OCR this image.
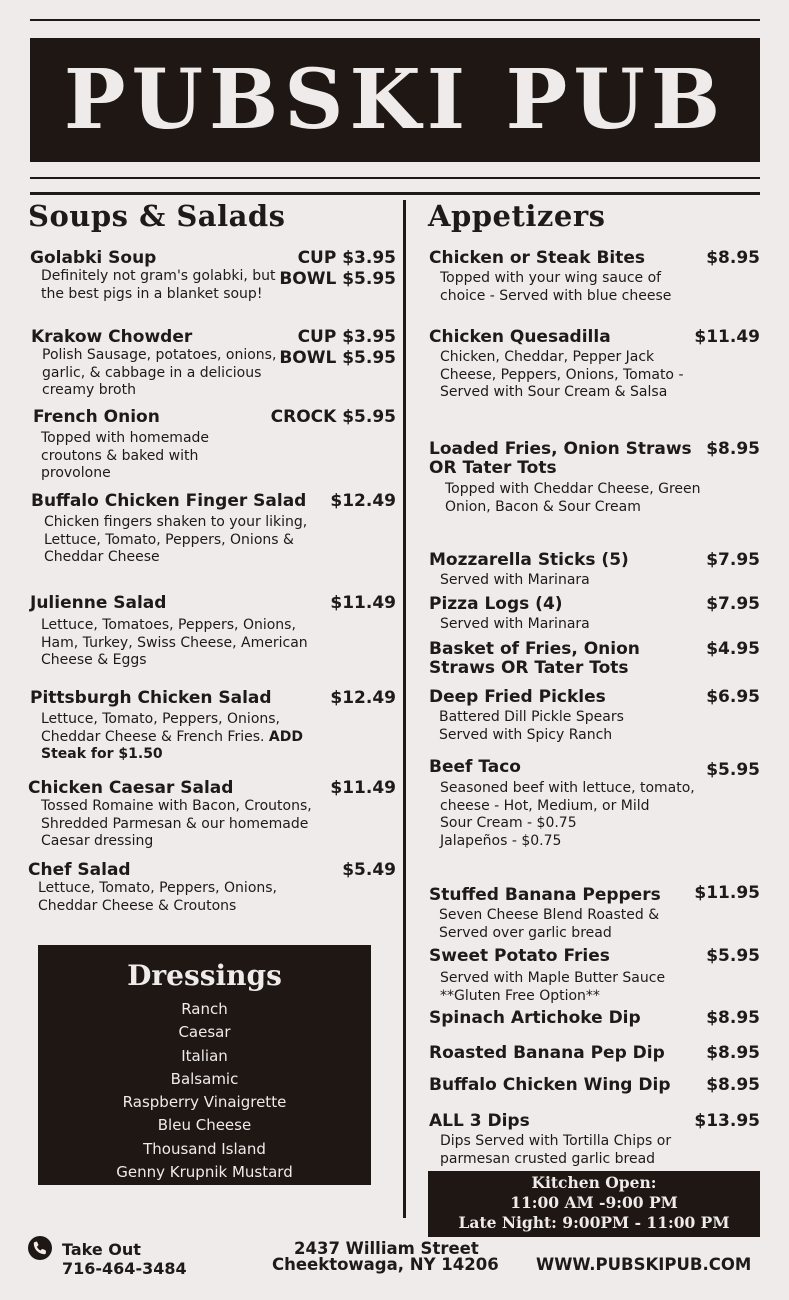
PUBSKI PUB
Soups & Salads
Golabki Soup	CUP $3.95
Definitely not gram's golabki, but the best pigs in a blanket soup!
BOWL $5.95
Krakow Chowder	CUP $3.95
Polish Sausage, potatoes, onions, garlic, & cabbage in a delicious creamy broth
BOWL $5.95
French Onion	CROCK $5.95
Topped with homemade croutons & baked with provolone
Buffalo Chicken Finger Salad $12.49
Chicken fingers shaken to your liking, Lettuce, Tomato, Peppers, Onions & Cheddar Cheese
Julienne Salad	$11.49
Lettuce, Tomatoes, Peppers, Onions, Ham, Turkey, Swiss Cheese, American Cheese & Eggs
Pittsburgh Chicken Salad	$12.49
Lettuce, Tomato, Peppers, Onions, Cheddar Cheese & French Fries. ADD Steak for $1.50
Chicken Caesar Salad	$11.49
Tossed Romaine with Bacon, Croutons, Shredded Parmesan & our homemade Caesar dressing
Chef Salad	$5.49
Lettuce, Tomato, Peppers, Onions, Cheddar Cheese & Croutons
Dressings
Ranch
Caesar
Italian
Balsamic
Raspberry Vinaigrette
Bleu Cheese
Thousand Island
Genny Krupnik Mustard
Appetizers
Chicken or Steak Bites	$8.95
Topped with your wing sauce of choice - Served with blue cheese
Chicken Quesadilla	$11.49
Chicken, Cheddar, Pepper Jack Cheese, Peppers, Onions, Tomato - Served with Sour Cream & Salsa
Loaded Fries, Onion Straws OR Tater Tots
$8.95
Topped with Cheddar Cheese, Green Onion, Bacon & Sour Cream
Mozzarella Sticks (5)	$7.95
Served with Marinara
Pizza Logs (4)	$7.95
Served with Marinara
Basket of Fries, Onion Straws OR Tater Tots
$4.95
Deep Fried Pickles	$6.95
Battered Dill Pickle Spears Served with Spicy Ranch
Beef Taco	$5.95
Seasoned beef with lettuce, tomato, cheese - Hot, Medium, or Mild
Sour Cream - $0.75
Jalapeños - $0.75
Stuffed Banana Peppers $11.95
Seven Cheese Blend Roasted & Served over garlic bread
Sweet Potato Fries	$5.95
Served with Maple Butter Sauce
**Gluten Free Option**
Spinach Artichoke Dip	$8.95
Roasted Banana Pep Dip $8.95
Buffalo Chicken Wing Dip $8.95
ALL 3 Dips	$13.95
Dips Served with Tortilla Chips or parmesan crusted garlic bread
Kitchen Open:
11:00 AM -9:00 PM
Late Night: 9:00PM - 11:00 PM
Take Out
716-464-3484
2437 William Street
Cheektowaga, NY 14206 WWW.PUBSKIPUB.COM
